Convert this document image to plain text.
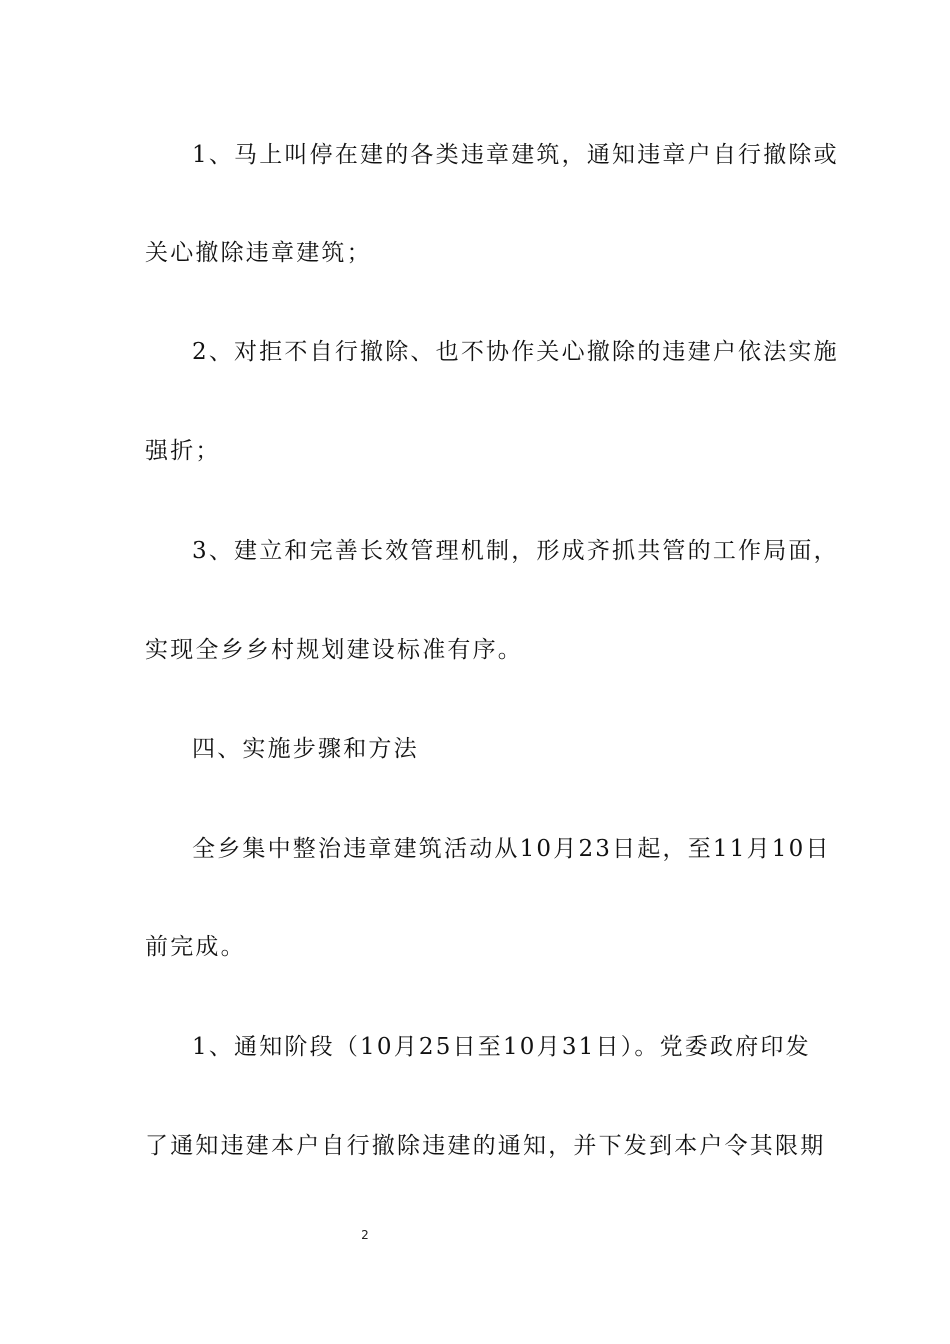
1、马上叫停在建的各类违章建筑，通知违章户自行撤除或
关心撤除违章建筑；
2、对拒不自行撤除、也不协作关心撤除的违建户依法实施
强折；
3、建立和完善长效管理机制，形成齐抓共管的工作局面，
实现全乡乡村规划建设标准有序。
四、实施步骤和方法
全乡集中整治违章建筑活动从10月23日起，至11月10日
前完成。
1、通知阶段（10月25日至10月31日）。党委政府印发
了通知违建本户自行撤除违建的通知，并下发到本户令其限期
2
